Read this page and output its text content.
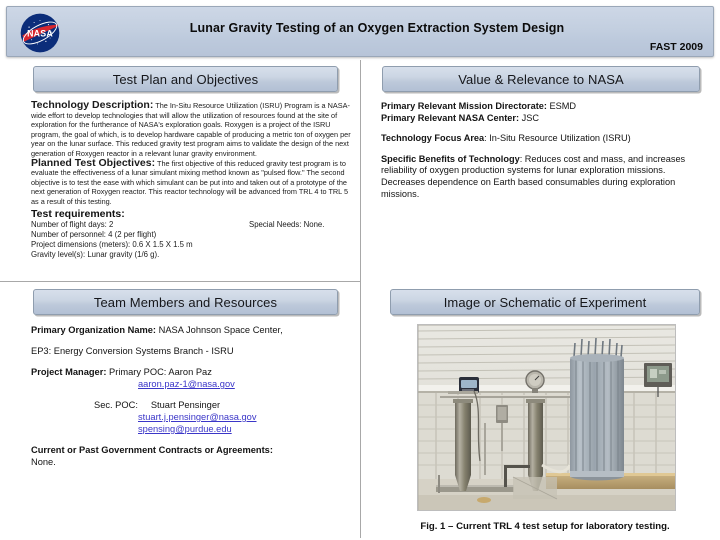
NASA	Lunar Gravity Testing of an Oxygen Extraction System Design
FAST 2009
Test Plan and Objectives	Value & Relevance to NASA
Team Members and Resources	Image or Schematic of Experiment
Technology Description: The In-Situ Resource Utilization (ISRU) Program is a NASA-wide effort to develop technologies that will allow the utilization of resources found at the site of exploration for the furtherance of NASA's exploration goals. Roxygen is a project of the ISRU program, the goal of which, is to develop hardware capable of producing a metric ton of oxygen per year on the lunar surface. This reduced gravity test program aims to validate the design of the next generation of Roxygen reactor in a relevant lunar gravity environment.
Planned Test Objectives: The first objective of this reduced gravity test program is to evaluate the effectiveness of a lunar simulant mixing method known as "pulsed flow." The second objective is to test the ease with which simulant can be put into and taken out of a prototype of the next generation of Roxygen reactor. This reactor technology will be advanced from TRL 4 to TRL 5 as a result of this testing.
Test requirements:
Number of flight days: 2	Special Needs: None.
Number of personnel: 4 (2 per flight)
Project dimensions (meters): 0.6 X 1.5 X 1.5 m
Gravity level(s): Lunar gravity (1/6 g).
Primary Relevant Mission Directorate: ESMD
Primary Relevant NASA Center: JSC
Technology Focus Area: In-Situ Resource Utilization (ISRU)
Specific Benefits of Technology: Reduces cost and mass, and increases reliability of oxygen production systems for lunar exploration missions. Decreases dependence on Earth based consumables during exploration missions.
Primary Organization Name: NASA Johnson Space Center,
EP3: Energy Conversion Systems Branch - ISRU
Project Manager: Primary POC: Aaron Paz
aaron.paz-1@nasa.gov
Sec. POC: Stuart Pensinger
stuart.j.pensinger@nasa.gov
spensing@purdue.edu
Current or Past Government Contracts or Agreements:
None.
Fig. 1 – Current TRL 4 test setup for laboratory testing.
